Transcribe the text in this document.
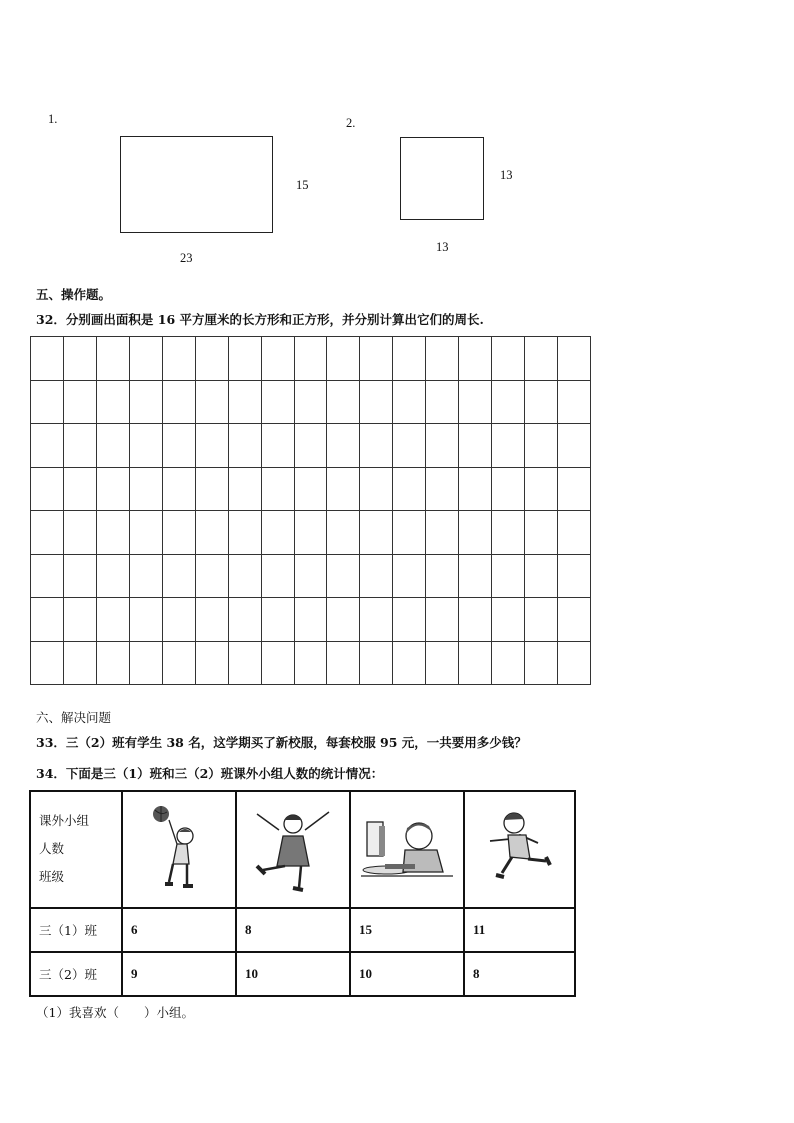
1.
15
23
2.
13
13
五、操作题。
32．分别画出面积是 16 平方厘米的长方形和正方形，并分别计算出它们的周长.

六、解决问题
33．三（2）班有学生 38 名，这学期买了新校服，每套校服 95 元，一共要用多少钱？
34．下面是三（1）班和三（2）班课外小组人数的统计情况：
课外小组
人数
班级

三（1）班	6	8	15	11
三（2）班	9	10	10	8
（1）我喜欢（　　）小组。
